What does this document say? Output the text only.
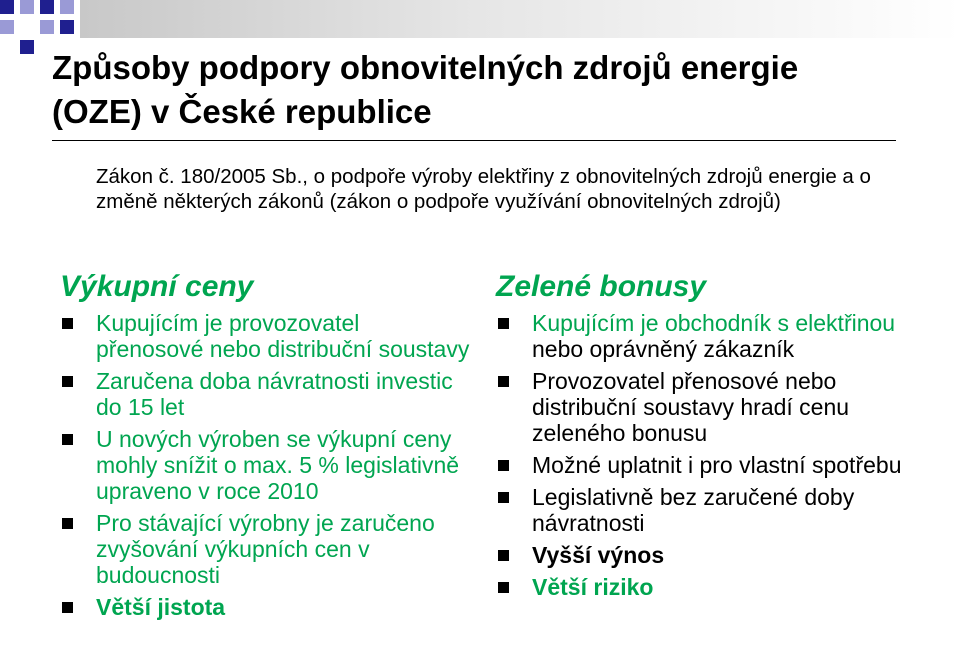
Způsoby podpory obnovitelných zdrojů energie
(OZE) v České republice
Zákon č. 180/2005 Sb., o podpoře výroby elektřiny z obnovitelných zdrojů energie a o změně některých zákonů (zákon o podpoře využívání obnovitelných zdrojů)
Výkupní ceny
Kupujícím je provozovatel přenosové nebo distribuční soustavy
Zaručena doba návratnosti investic do 15 let
U nových výroben se výkupní ceny mohly snížit o max. 5 % legislativně upraveno v roce 2010
Pro stávající výrobny je zaručeno zvyšování výkupních cen v budoucnosti
Větší jistota
Zelené bonusy
Kupujícím je obchodník s elektřinou nebo oprávněný zákazník
Provozovatel přenosové nebo distribuční soustavy hradí cenu zeleného bonusu
Možné uplatnit i pro vlastní spotřebu
Legislativně bez zaručené doby návratnosti
Vyšší výnos
Větší riziko
